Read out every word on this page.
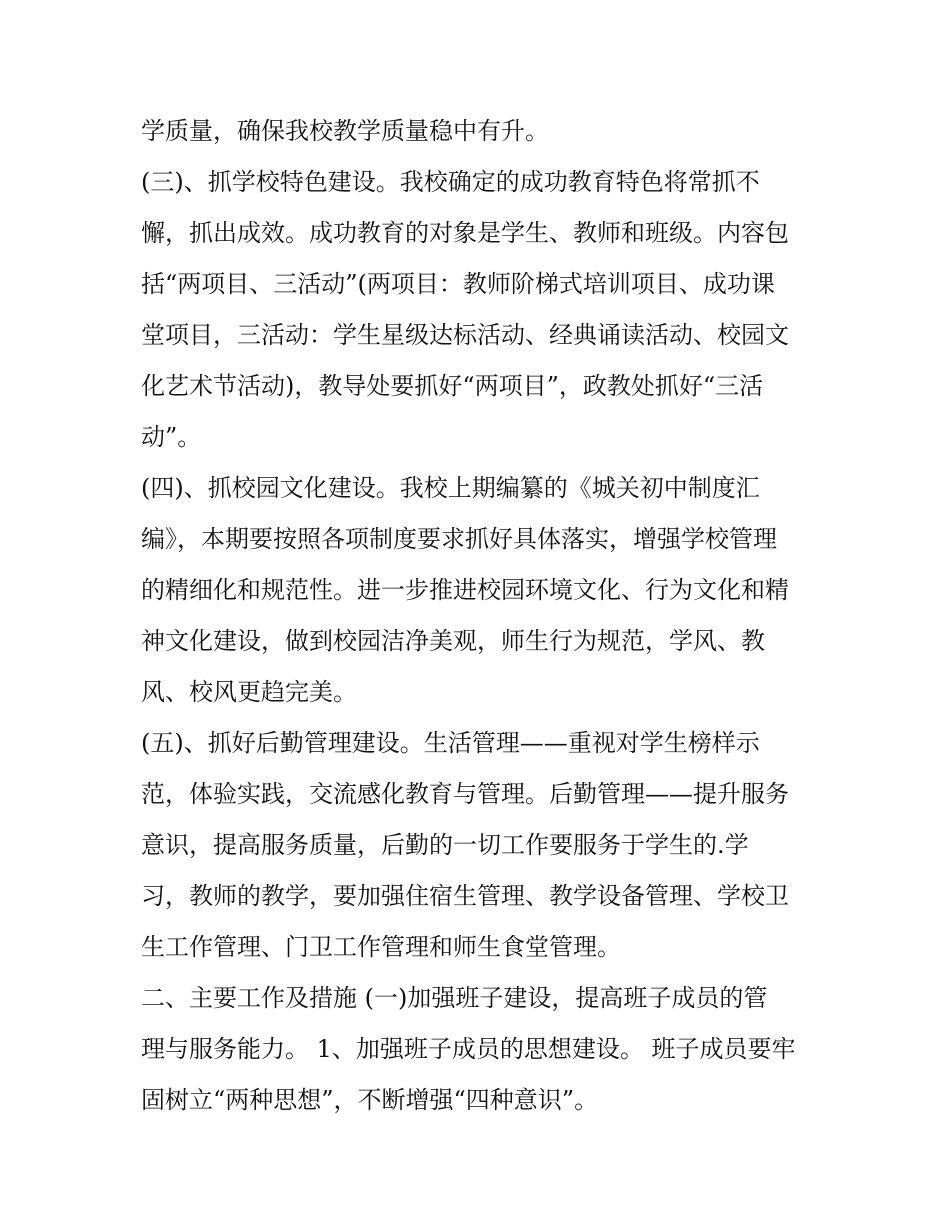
学质量，确保我校教学质量稳中有升。
(三)、抓学校特色建设。我校确定的成功教育特色将常抓不
懈，抓出成效。成功教育的对象是学生、教师和班级。内容包
括“两项目、三活动”(两项目：教师阶梯式培训项目、成功课
堂项目，三活动：学生星级达标活动、经典诵读活动、校园文
化艺术节活动)，教导处要抓好“两项目”，政教处抓好“三活
动”。
(四)、抓校园文化建设。我校上期编纂的《城关初中制度汇
编》，本期要按照各项制度要求抓好具体落实，增强学校管理
的精细化和规范性。进一步推进校园环境文化、行为文化和精
神文化建设，做到校园洁净美观，师生行为规范，学风、教
风、校风更趋完美。
(五)、抓好后勤管理建设。生活管理——重视对学生榜样示
范，体验实践，交流感化教育与管理。后勤管理——提升服务
意识，提高服务质量，后勤的一切工作要服务于学生的.学
习，教师的教学，要加强住宿生管理、教学设备管理、学校卫
生工作管理、门卫工作管理和师生食堂管理。
二、主要工作及措施 (一)加强班子建设，提高班子成员的管
理与服务能力。 1、加强班子成员的思想建设。 班子成员要牢
固树立“两种思想”，不断增强“四种意识”。
